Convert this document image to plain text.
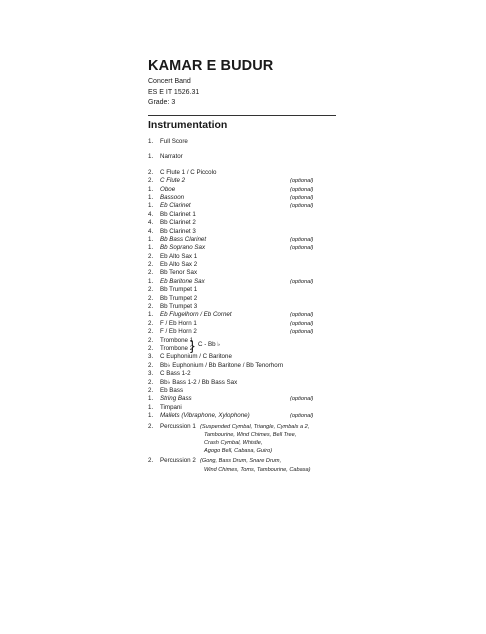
KAMAR E BUDUR
Concert Band
ES E IT 1526.31
Grade: 3
Instrumentation
1.	Full Score
1.	Narrator
2.	C Flute 1 / C Piccolo
2.	C Flute 2	(optional)
1.	Oboe	(optional)
1.	Bassoon	(optional)
1.	Eb Clarinet	(optional)
4.	Bb Clarinet 1
4.	Bb Clarinet 2
4.	Bb Clarinet 3
1.	Bb Bass Clarinet	(optional)
1.	Bb Soprano Sax	(optional)
2.	Eb Alto Sax 1
2.	Eb Alto Sax 2
2.	Bb Tenor Sax
1.	Eb Baritone Sax	(optional)
2.	Bb Trumpet 1
2.	Bb Trumpet 2
2.	Bb Trumpet 3
1.	Eb Flugelhorn / Eb Cornet	(optional)
2.	F / Eb Horn 1	(optional)
2.	F / Eb Horn 2	(optional)
2.	Trombone 1
2.	Trombone 2
} C - Bb ♭
3.	C Euphonium / C Baritone
2.	Bb♭ Euphonium / Bb Baritone / Bb Tenorhorn
3.	C Bass 1-2
2.	Bb♭ Bass 1-2 / Bb Bass Sax
2.	Eb Bass
1.	String Bass	(optional)
1.	Timpani
1.	Mallets (Vibraphone, Xylophone)	(optional)
2.	Percussion 1 (Suspended Cymbal, Triangle, Cymbals a 2,
Tambourine, Wind Chimes, Bell Tree,
Crash Cymbal, Whistle,
Agogo Bell, Cabasa, Guiro)
2.	Percussion 2 (Gong, Bass Drum, Snare Drum,
Wind Chimes, Toms, Tambourine, Cabasa)
